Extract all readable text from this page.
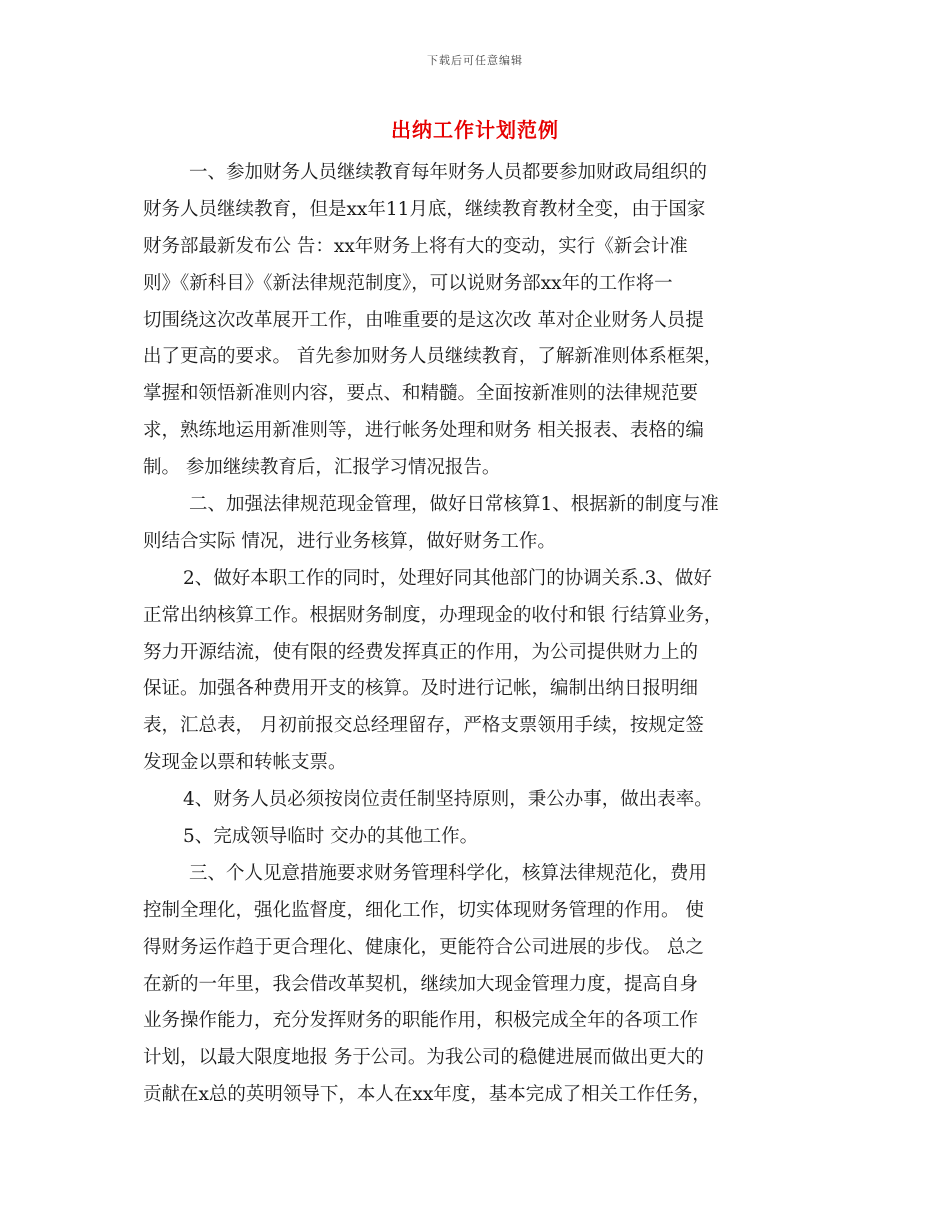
下载后可任意编辑
出纳工作计划范例
一、参加财务人员继续教育每年财务人员都要参加财政局组织的
财务人员继续教育，但是xx年11月底，继续教育教材全变，由于国家
财务部最新发布公 告：xx年财务上将有大的变动，实行《新会计准
则》《新科目》《新法律规范制度》，可以说财务部xx年的工作将一
切围绕这次改革展开工作，由唯重要的是这次改 革对企业财务人员提
出了更高的要求。 首先参加财务人员继续教育，了解新准则体系框架，
掌握和领悟新准则内容，要点、和精髓。全面按新准则的法律规范要
求，熟练地运用新准则等，进行帐务处理和财务 相关报表、表格的编
制。 参加继续教育后，汇报学习情况报告。
二、加强法律规范现金管理，做好日常核算1、根据新的制度与准
则结合实际 情况，进行业务核算，做好财务工作。
2、做好本职工作的同时，处理好同其他部门的协调关系.3、做好
正常出纳核算工作。根据财务制度，办理现金的收付和银 行结算业务，
努力开源结流，使有限的经费发挥真正的作用，为公司提供财力上的
保证。加强各种费用开支的核算。及时进行记帐，编制出纳日报明细
表，汇总表， 月初前报交总经理留存，严格支票领用手续，按规定签
发现金以票和转帐支票。
4、财务人员必须按岗位责任制坚持原则，秉公办事，做出表率。
5、完成领导临时 交办的其他工作。
三、个人见意措施要求财务管理科学化，核算法律规范化，费用
控制全理化，强化监督度，细化工作，切实体现财务管理的作用。 使
得财务运作趋于更合理化、健康化，更能符合公司进展的步伐。 总之
在新的一年里，我会借改革契机，继续加大现金管理力度，提高自身
业务操作能力，充分发挥财务的职能作用，积极完成全年的各项工作
计划，以最大限度地报 务于公司。为我公司的稳健进展而做出更大的
贡献在x总的英明领导下，本人在xx年度，基本完成了相关工作任务，
